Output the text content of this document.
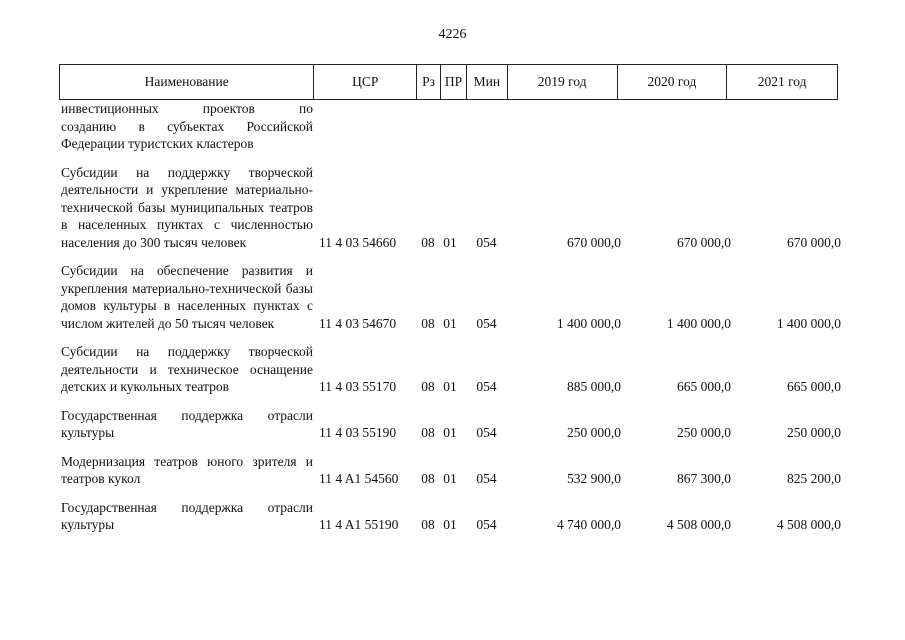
4226
Наименование	ЦСР	Рз ПР Мин	2019 год	2020 год	2021 год
инвестиционных проектов по
созданию в субъектах Российской Федерации туристских кластеров
Субсидии на поддержку творческой деятельности и укрепление материально-технической базы муниципальных театров в населенных пунктах с численностью населения до 300 тысяч человек	11 4 03 54660	08 01	054	670 000,0	670 000,0	670 000,0
Субсидии на обеспечение развития и укрепления материально-технической базы домов культуры в населенных пунктах с числом жителей до 50 тысяч человек	11 4 03 54670	08 01	054	1 400 000,0	1 400 000,0	1 400 000,0
Субсидии на поддержку творческой деятельности и техническое оснащение детских и кукольных театров	11 4 03 55170	08 01	054	885 000,0	665 000,0	665 000,0
Государственная поддержка отрасли культуры	11 4 03 55190	08 01	054	250 000,0	250 000,0	250 000,0
Модернизация театров юного зрителя и театров кукол	11 4 A1 54560	08 01	054	532 900,0	867 300,0	825 200,0
Государственная поддержка отрасли культуры	11 4 A1 55190	08 01	054	4 740 000,0	4 508 000,0	4 508 000,0
